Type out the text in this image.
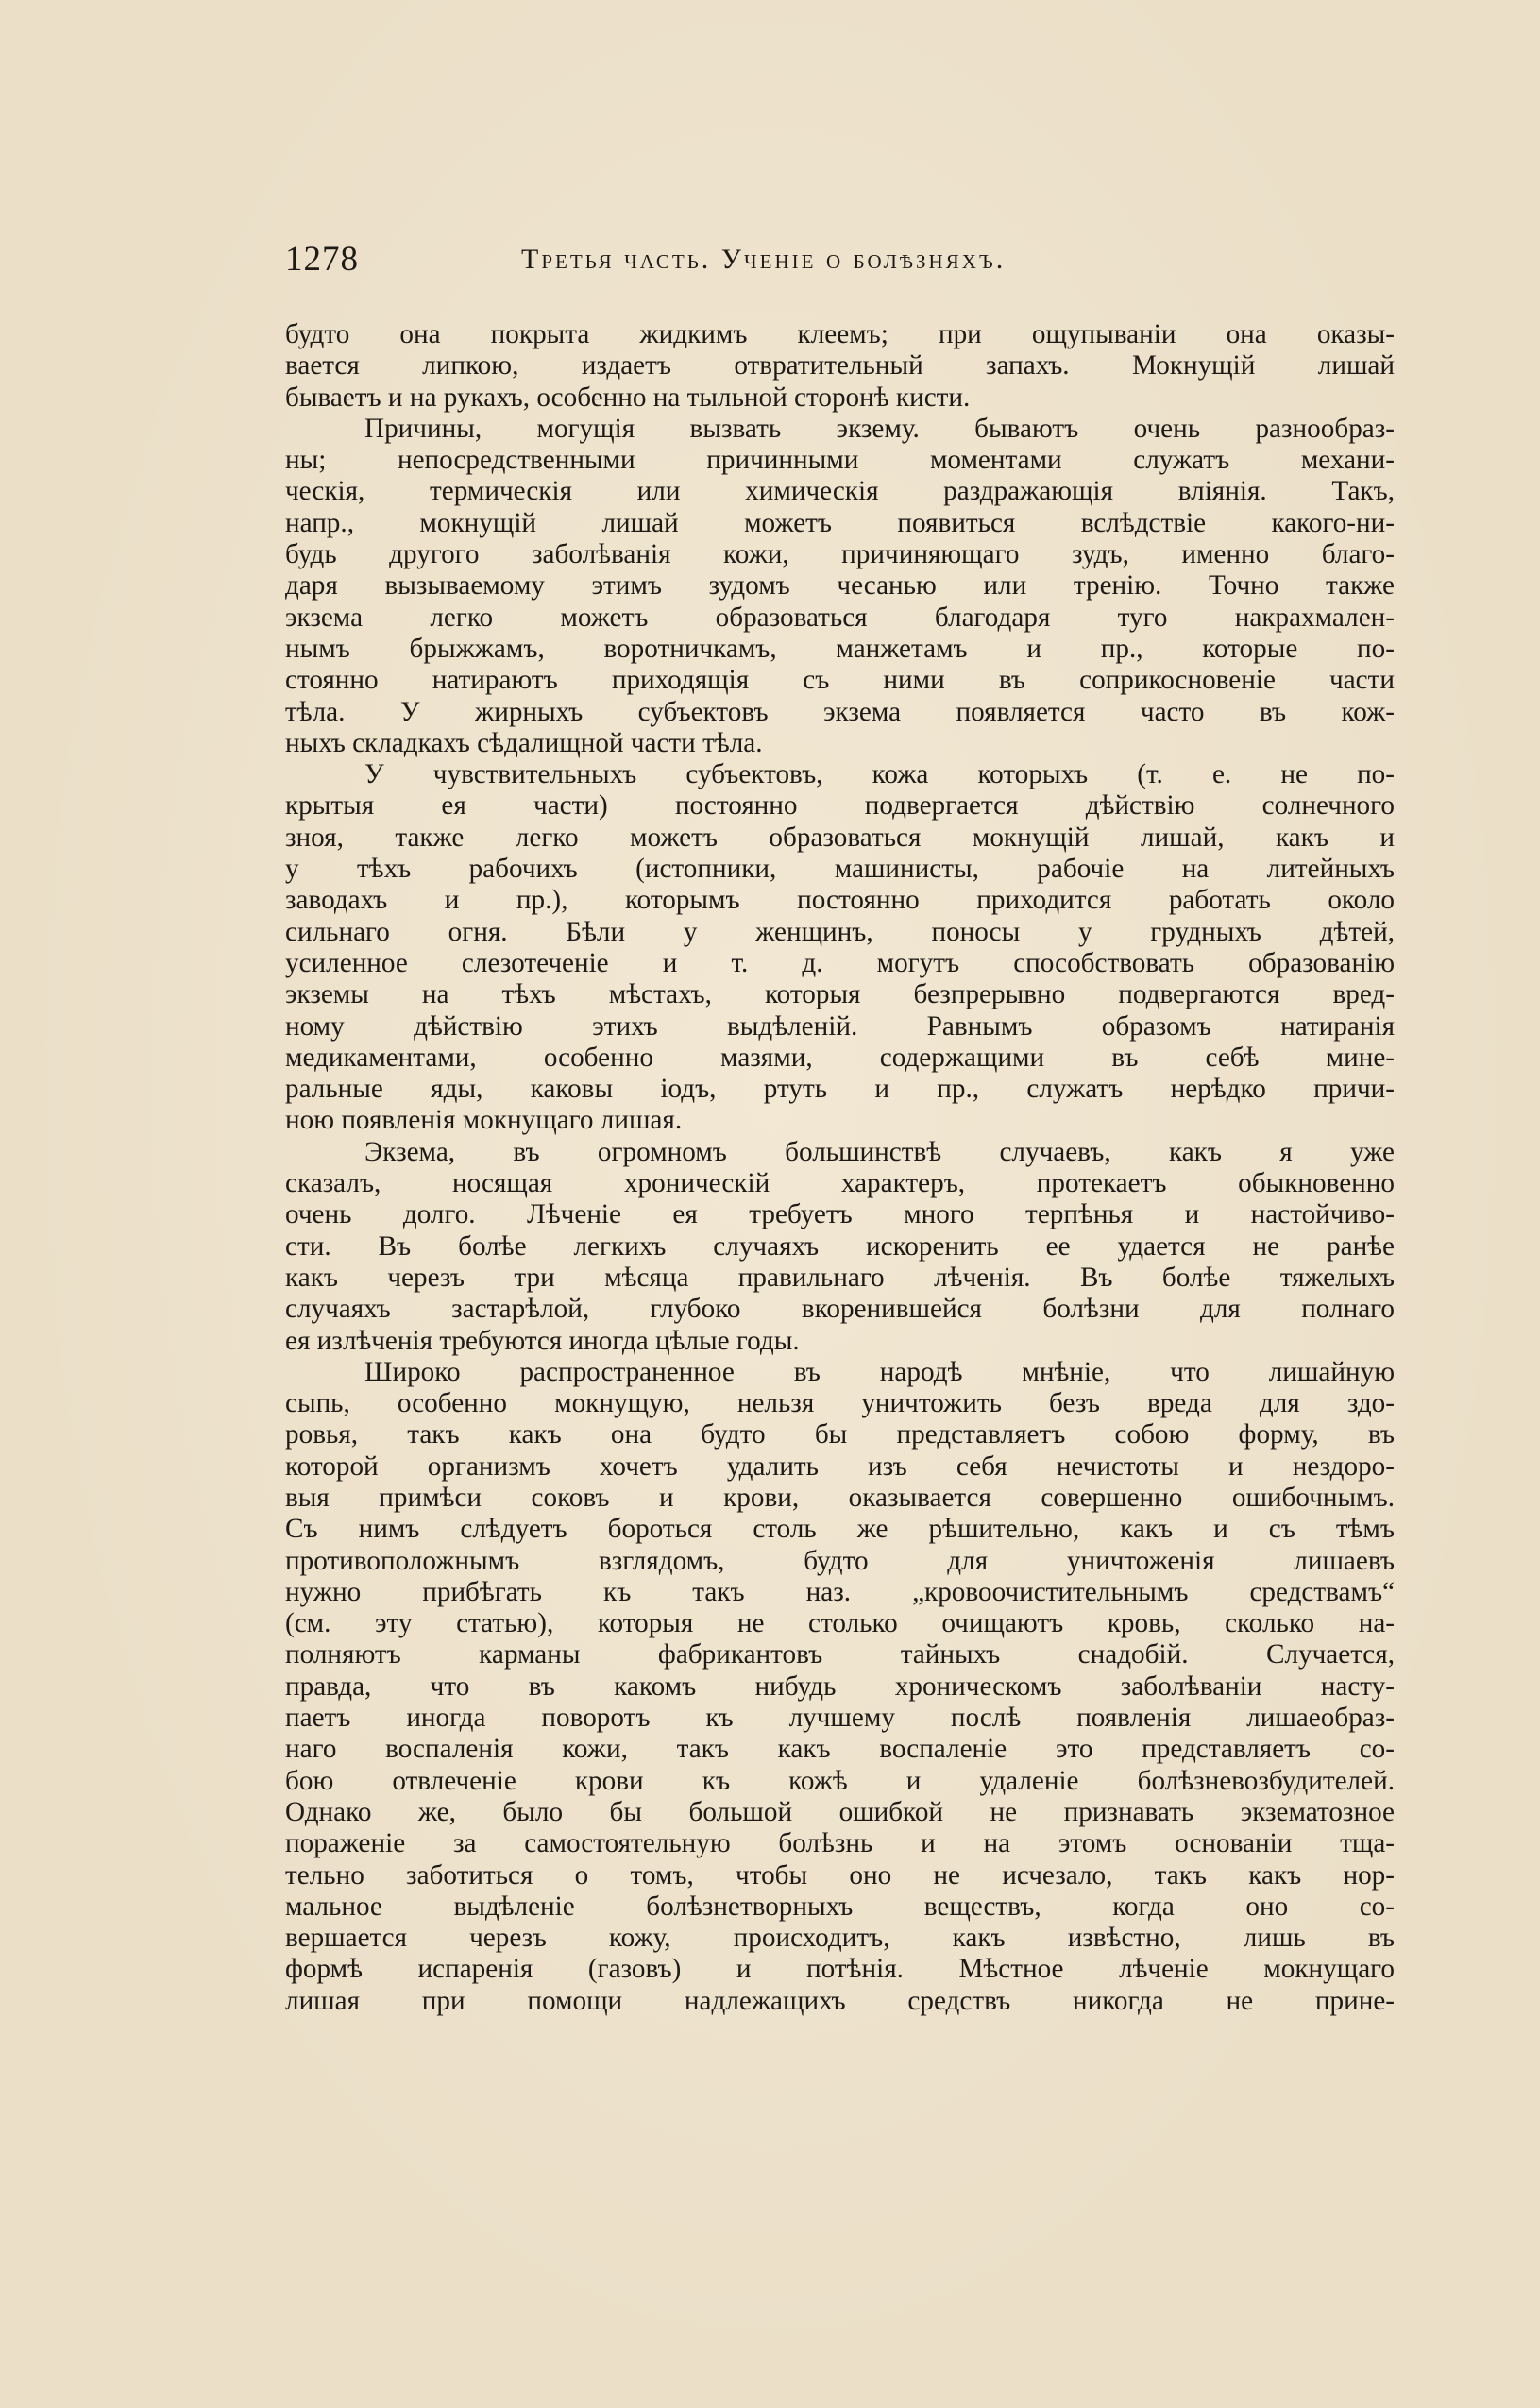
1278	Третья часть. Ученіе о болѣзняхъ.
будто она покрыта жидкимъ клеемъ; при ощупываніи она оказы-
вается липкою, издаетъ отвратительный запахъ. Мокнущій лишай
бываетъ и на рукахъ, особенно на тыльной сторонѣ кисти.
Причины, могущія вызвать экзему. бываютъ очень разнообраз-
ны; непосредственными причинными моментами служатъ механи-
ческія, термическія или химическія раздражающія вліянія. Такъ,
напр., мокнущій лишай можетъ появиться вслѣдствіе какого-ни-
будь другого заболѣванія кожи, причиняющаго зудъ, именно благо-
даря вызываемому этимъ зудомъ чесанью или тренію. Точно также
экзема легко можетъ образоваться благодаря туго накрахмален-
нымъ брыжжамъ, воротничкамъ, манжетамъ и пр., которые по-
стоянно натираютъ приходящія съ ними въ соприкосновеніе части
тѣла. У жирныхъ субъектовъ экзема появляется часто въ кож-
ныхъ складкахъ сѣдалищной части тѣла.
У чувствительныхъ субъектовъ, кожа которыхъ (т. е. не по-
крытыя ея части) постоянно подвергается дѣйствію солнечного
зноя, также легко можетъ образоваться мокнущій лишай, какъ и
у тѣхъ рабочихъ (истопники, машинисты, рабочіе на литейныхъ
заводахъ и пр.), которымъ постоянно приходится работать около
сильнаго огня. Бѣли у женщинъ, поносы у грудныхъ дѣтей,
усиленное слезотеченіе и т. д. могутъ способствовать образованію
экземы на тѣхъ мѣстахъ, которыя безпрерывно подвергаются вред-
ному дѣйствію этихъ выдѣленій. Равнымъ образомъ натиранія
медикаментами, особенно мазями, содержащими въ себѣ мине-
ральные яды, каковы іодъ, ртуть и пр., служатъ нерѣдко причи-
ною появленія мокнущаго лишая.
Экзема, въ огромномъ большинствѣ случаевъ, какъ я уже
сказалъ, носящая хроническій характеръ, протекаетъ обыкновенно
очень долго. Лѣченіе ея требуетъ много терпѣнья и настойчиво-
сти. Въ болѣе легкихъ случаяхъ искоренить ее удается не ранѣе
какъ черезъ три мѣсяца правильнаго лѣченія. Въ болѣе тяжелыхъ
случаяхъ застарѣлой, глубоко вкоренившейся болѣзни для полнаго
ея излѣченія требуются иногда цѣлые годы.
Широко распространенное въ народѣ мнѣніе, что лишайную
сыпь, особенно мокнущую, нельзя уничтожить безъ вреда для здо-
ровья, такъ какъ она будто бы представляетъ собою форму, въ
которой организмъ хочетъ удалить изъ себя нечистоты и нездоро-
выя примѣси соковъ и крови, оказывается совершенно ошибочнымъ.
Съ нимъ слѣдуетъ бороться столь же рѣшительно, какъ и съ тѣмъ
противоположнымъ взглядомъ, будто для уничтоженія лишаевъ
нужно прибѣгать къ такъ наз. „кровоочистительнымъ средствамъ“
(см. эту статью), которыя не столько очищаютъ кровь, сколько на-
полняютъ карманы фабрикантовъ тайныхъ снадобій. Случается,
правда, что въ какомъ нибудь хроническомъ заболѣваніи насту-
паетъ иногда поворотъ къ лучшему послѣ появленія лишаеобраз-
наго воспаленія кожи, такъ какъ воспаленіе это представляетъ со-
бою отвлеченіе крови къ кожѣ и удаленіе болѣзневозбудителей.
Однако же, было бы большой ошибкой не признавать экзематозное
пораженіе за самостоятельную болѣзнь и на этомъ основаніи тща-
тельно заботиться о томъ, чтобы оно не исчезало, такъ какъ нор-
мальное выдѣленіе болѣзнетворныхъ веществъ, когда оно со-
вершается черезъ кожу, происходитъ, какъ извѣстно, лишь въ
формѣ испаренія (газовъ) и потѣнія. Мѣстное лѣченіе мокнущаго
лишая при помощи надлежащихъ средствъ никогда не прине-
